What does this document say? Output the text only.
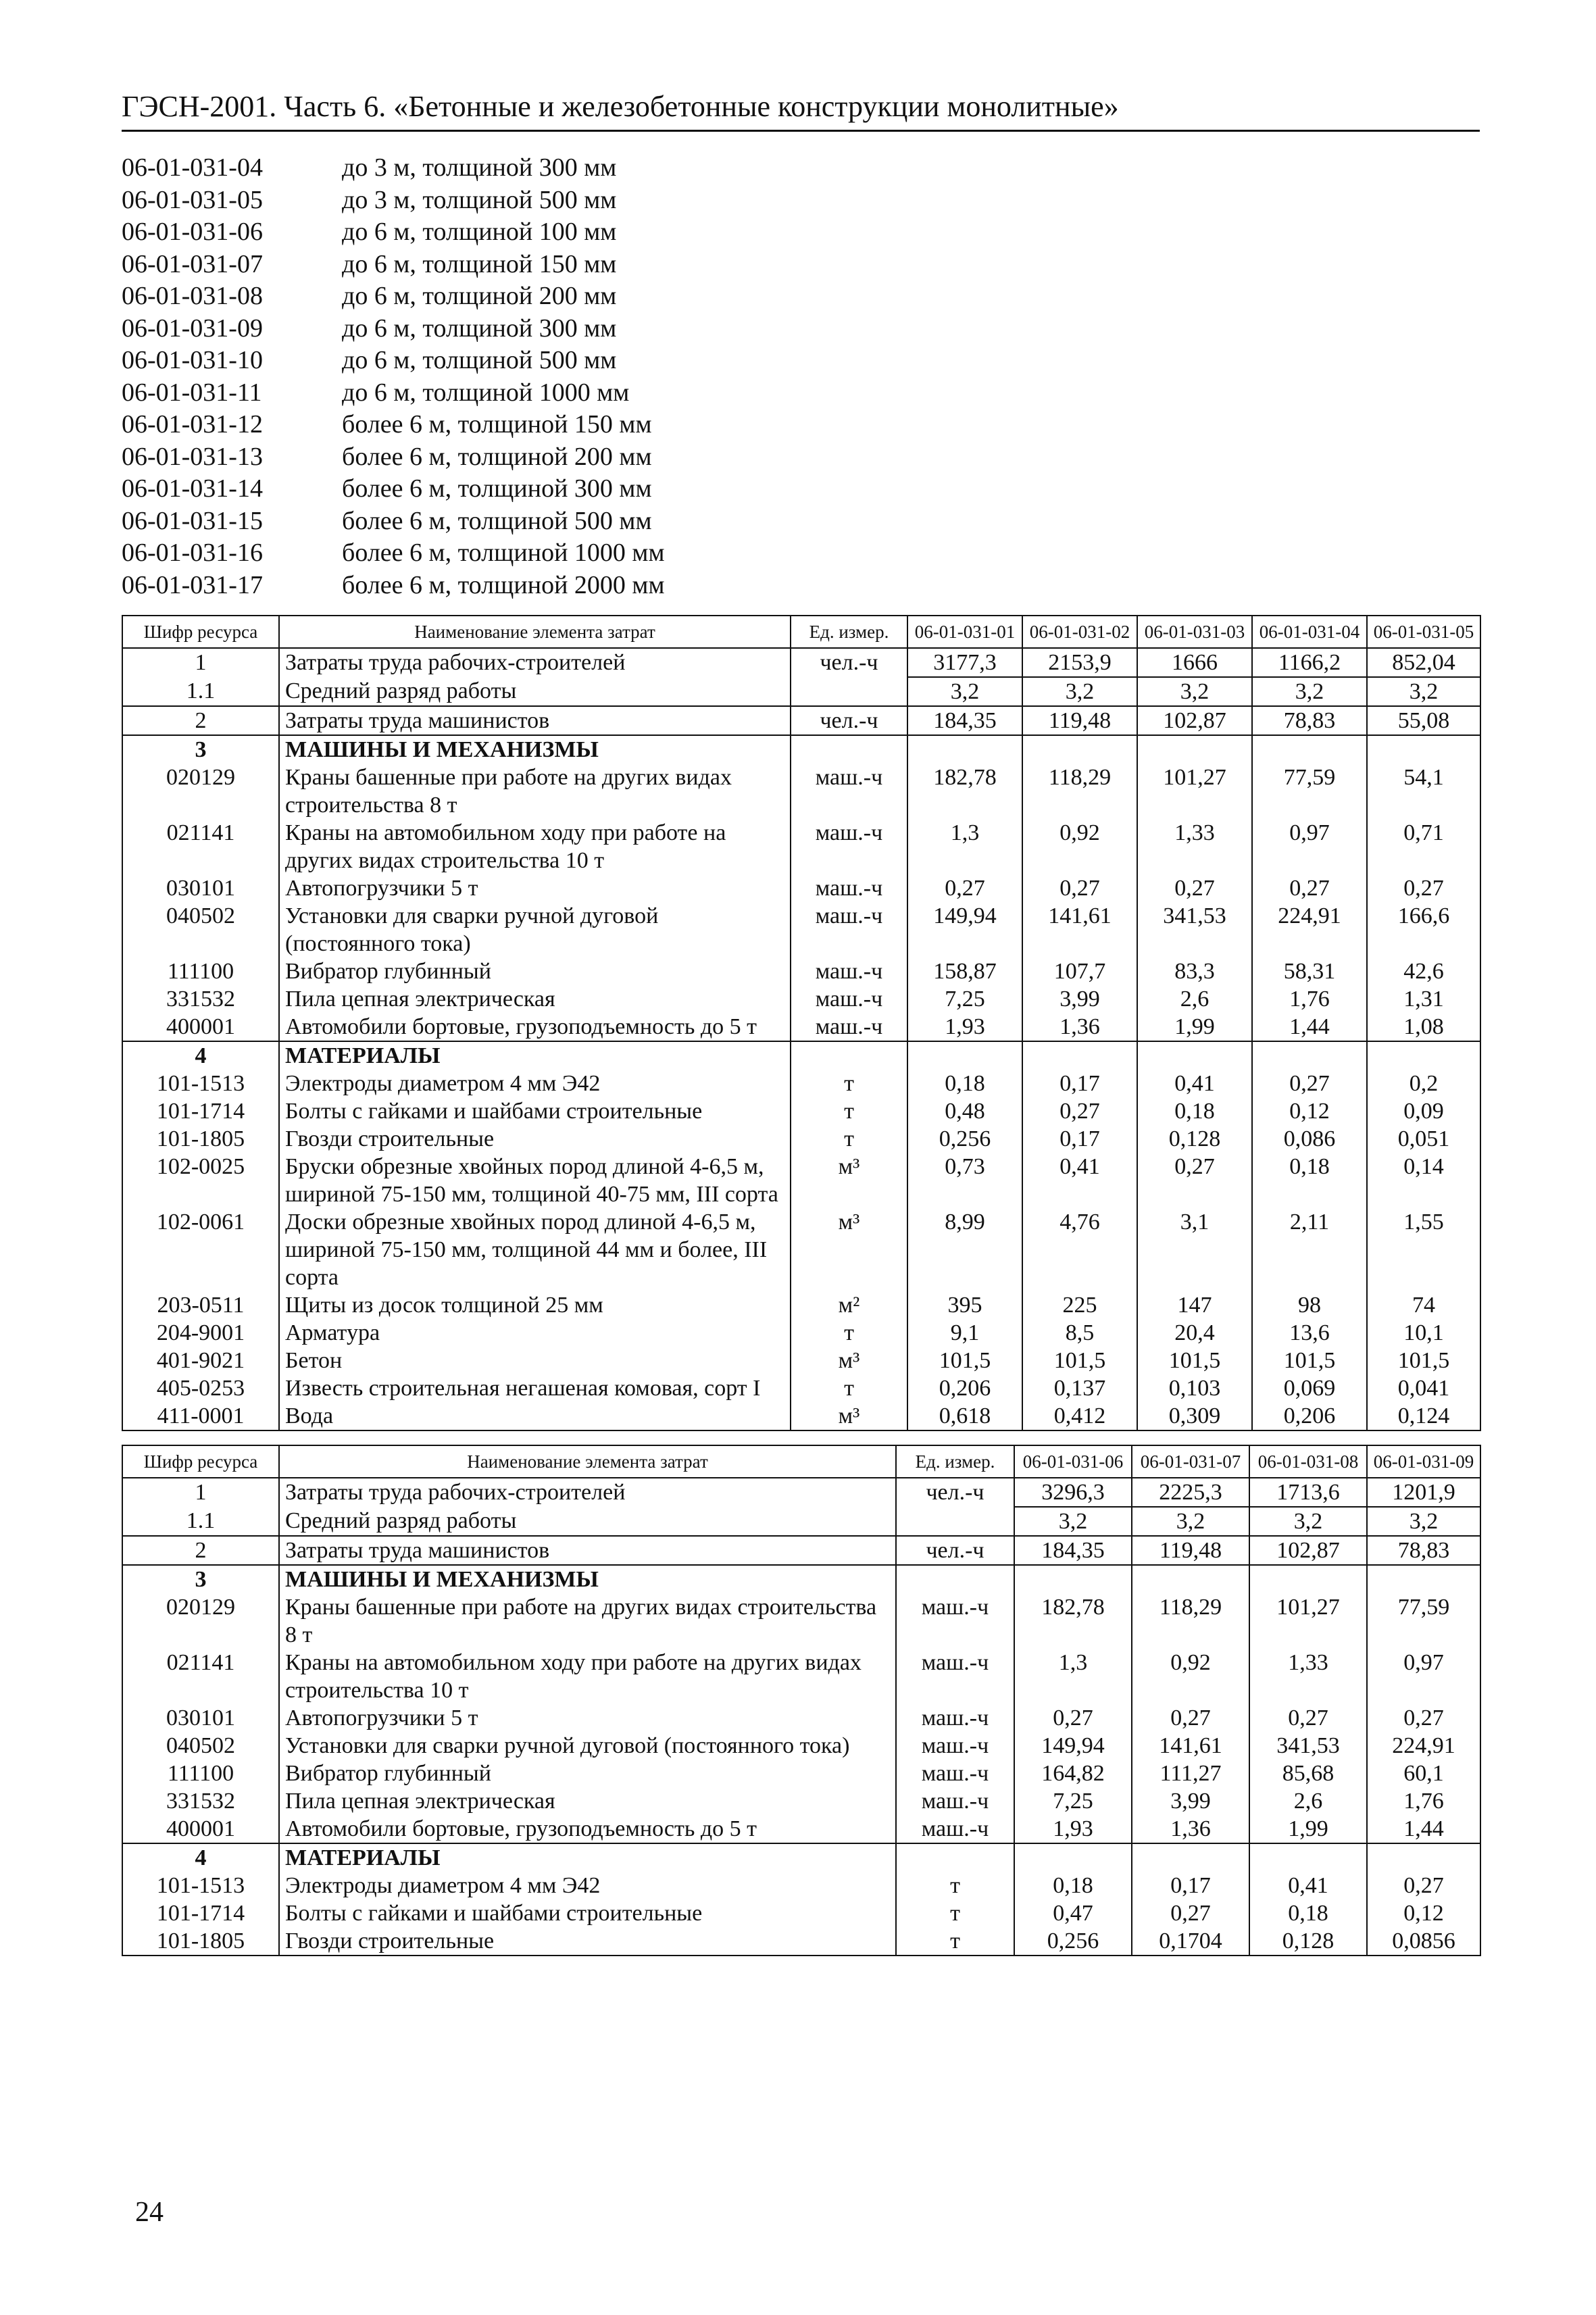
ГЭСН-2001. Часть 6. «Бетонные и железобетонные конструкции монолитные»
06-01-031-04	до 3 м, толщиной 300 мм
06-01-031-05	до 3 м, толщиной 500 мм
06-01-031-06	до 6 м, толщиной 100 мм
06-01-031-07	до 6 м, толщиной 150 мм
06-01-031-08	до 6 м, толщиной 200 мм
06-01-031-09	до 6 м, толщиной 300 мм
06-01-031-10	до 6 м, толщиной 500 мм
06-01-031-11	до 6 м, толщиной 1000 мм
06-01-031-12	более 6 м, толщиной 150 мм
06-01-031-13	более 6 м, толщиной 200 мм
06-01-031-14	более 6 м, толщиной 300 мм
06-01-031-15	более 6 м, толщиной 500 мм
06-01-031-16	более 6 м, толщиной 1000 мм
06-01-031-17	более 6 м, толщиной 2000 мм
Шифр ресурса	Наименование элемента затрат	Ед. измер.	06-01-031-01	06-01-031-02	06-01-031-03	06-01-031-04	06-01-031-05
1	Затраты труда рабочих-строителей	чел.-ч	3177,3	2153,9	1666	1166,2	852,04
1.1	Средний разряд работы		3,2	3,2	3,2	3,2	3,2
2	Затраты труда машинистов	чел.-ч	184,35	119,48	102,87	78,83	55,08
3	МАШИНЫ И МЕХАНИЗМЫ						
020129	Краны башенные при работе на других видах строительства 8 т	маш.-ч	182,78	118,29	101,27	77,59	54,1
021141	Краны на автомобильном ходу при работе на других видах строительства 10 т	маш.-ч	1,3	0,92	1,33	0,97	0,71
030101	Автопогрузчики 5 т	маш.-ч	0,27	0,27	0,27	0,27	0,27
040502	Установки для сварки ручной дуговой (постоянного тока)	маш.-ч	149,94	141,61	341,53	224,91	166,6
111100	Вибратор глубинный	маш.-ч	158,87	107,7	83,3	58,31	42,6
331532	Пила цепная электрическая	маш.-ч	7,25	3,99	2,6	1,76	1,31
400001	Автомобили бортовые, грузоподъемность до 5 т	маш.-ч	1,93	1,36	1,99	1,44	1,08
4	МАТЕРИАЛЫ						
101-1513	Электроды диаметром 4 мм Э42	т	0,18	0,17	0,41	0,27	0,2
101-1714	Болты с гайками и шайбами строительные	т	0,48	0,27	0,18	0,12	0,09
101-1805	Гвозди строительные	т	0,256	0,17	0,128	0,086	0,051
102-0025	Бруски обрезные хвойных пород длиной 4-6,5 м, шириной 75-150 мм, толщиной 40-75 мм, III сорта	м³	0,73	0,41	0,27	0,18	0,14
102-0061	Доски обрезные хвойных пород длиной 4-6,5 м, шириной 75-150 мм, толщиной 44 мм и более, III сорта	м³	8,99	4,76	3,1	2,11	1,55
203-0511	Щиты из досок толщиной 25 мм	м²	395	225	147	98	74
204-9001	Арматура	т	9,1	8,5	20,4	13,6	10,1
401-9021	Бетон	м³	101,5	101,5	101,5	101,5	101,5
405-0253	Известь строительная негашеная комовая, сорт I	т	0,206	0,137	0,103	0,069	0,041
411-0001	Вода	м³	0,618	0,412	0,309	0,206	0,124
Шифр ресурса	Наименование элемента затрат	Ед. измер.	06-01-031-06	06-01-031-07	06-01-031-08	06-01-031-09
1	Затраты труда рабочих-строителей	чел.-ч	3296,3	2225,3	1713,6	1201,9
1.1	Средний разряд работы		3,2	3,2	3,2	3,2
2	Затраты труда машинистов	чел.-ч	184,35	119,48	102,87	78,83
3	МАШИНЫ И МЕХАНИЗМЫ					
020129	Краны башенные при работе на других видах строительства 8 т	маш.-ч	182,78	118,29	101,27	77,59
021141	Краны на автомобильном ходу при работе на других видах строительства 10 т	маш.-ч	1,3	0,92	1,33	0,97
030101	Автопогрузчики 5 т	маш.-ч	0,27	0,27	0,27	0,27
040502	Установки для сварки ручной дуговой (постоянного тока)	маш.-ч	149,94	141,61	341,53	224,91
111100	Вибратор глубинный	маш.-ч	164,82	111,27	85,68	60,1
331532	Пила цепная электрическая	маш.-ч	7,25	3,99	2,6	1,76
400001	Автомобили бортовые, грузоподъемность до 5 т	маш.-ч	1,93	1,36	1,99	1,44
4	МАТЕРИАЛЫ					
101-1513	Электроды диаметром 4 мм Э42	т	0,18	0,17	0,41	0,27
101-1714	Болты с гайками и шайбами строительные	т	0,47	0,27	0,18	0,12
101-1805	Гвозди строительные	т	0,256	0,1704	0,128	0,0856
24
